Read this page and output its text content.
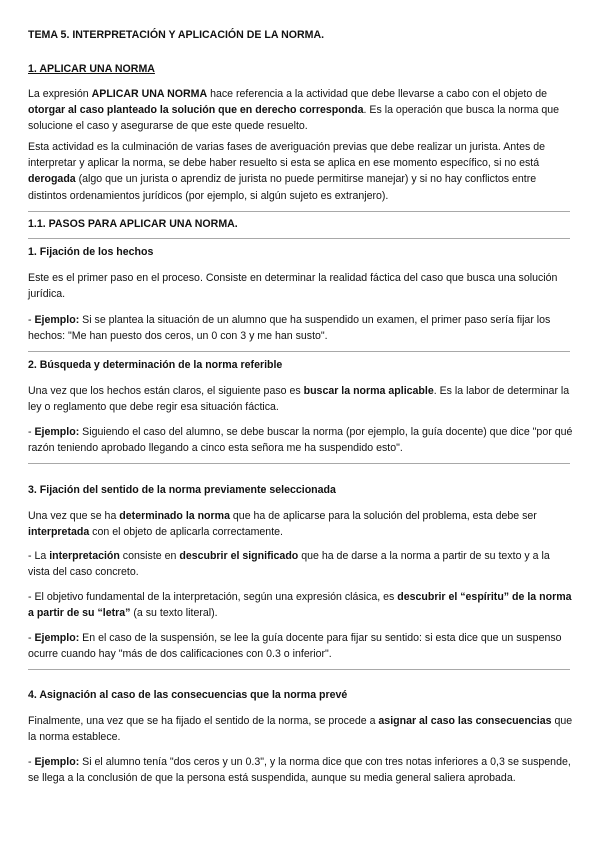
TEMA 5. INTERPRETACIÓN Y APLICACIÓN DE LA NORMA.
1. APLICAR UNA NORMA
La expresión APLICAR UNA NORMA hace referencia a la actividad que debe llevarse a cabo con el objeto de otorgar al caso planteado la solución que en derecho corresponda. Es la operación que busca la norma que solucione el caso y asegurarse de que este quede resuelto.
Esta actividad es la culminación de varias fases de averiguación previas que debe realizar un jurista. Antes de interpretar y aplicar la norma, se debe haber resuelto si esta se aplica en ese momento específico, si no está derogada (algo que un jurista o aprendiz de jurista no puede permitirse manejar) y si no hay conflictos entre distintos ordenamientos jurídicos (por ejemplo, si algún sujeto es extranjero).
1.1. PASOS PARA APLICAR UNA NORMA.
1. Fijación de los hechos
Este es el primer paso en el proceso. Consiste en determinar la realidad fáctica del caso que busca una solución jurídica.
- Ejemplo: Si se plantea la situación de un alumno que ha suspendido un examen, el primer paso sería fijar los hechos: "Me han puesto dos ceros, un 0 con 3 y me han susto".
2. Búsqueda y determinación de la norma referible
Una vez que los hechos están claros, el siguiente paso es buscar la norma aplicable. Es la labor de determinar la ley o reglamento que debe regir esa situación fáctica.
- Ejemplo: Siguiendo el caso del alumno, se debe buscar la norma (por ejemplo, la guía docente) que dice "por qué razón teniendo aprobado llegando a cinco esta señora me ha suspendido esto".
3. Fijación del sentido de la norma previamente seleccionada
Una vez que se ha determinado la norma que ha de aplicarse para la solución del problema, esta debe ser interpretada con el objeto de aplicarla correctamente.
- La interpretación consiste en descubrir el significado que ha de darse a la norma a partir de su texto y a la vista del caso concreto.
- El objetivo fundamental de la interpretación, según una expresión clásica, es descubrir el “espíritu” de la norma a partir de su “letra” (a su texto literal).
- Ejemplo: En el caso de la suspensión, se lee la guía docente para fijar su sentido: si esta dice que un suspenso ocurre cuando hay "más de dos calificaciones con 0.3 o inferior".
4. Asignación al caso de las consecuencias que la norma prevé
Finalmente, una vez que se ha fijado el sentido de la norma, se procede a asignar al caso las consecuencias que la norma establece.
- Ejemplo: Si el alumno tenía "dos ceros y un 0.3", y la norma dice que con tres notas inferiores a 0,3 se suspende, se llega a la conclusión de que la persona está suspendida, aunque su media general saliera aprobada.
